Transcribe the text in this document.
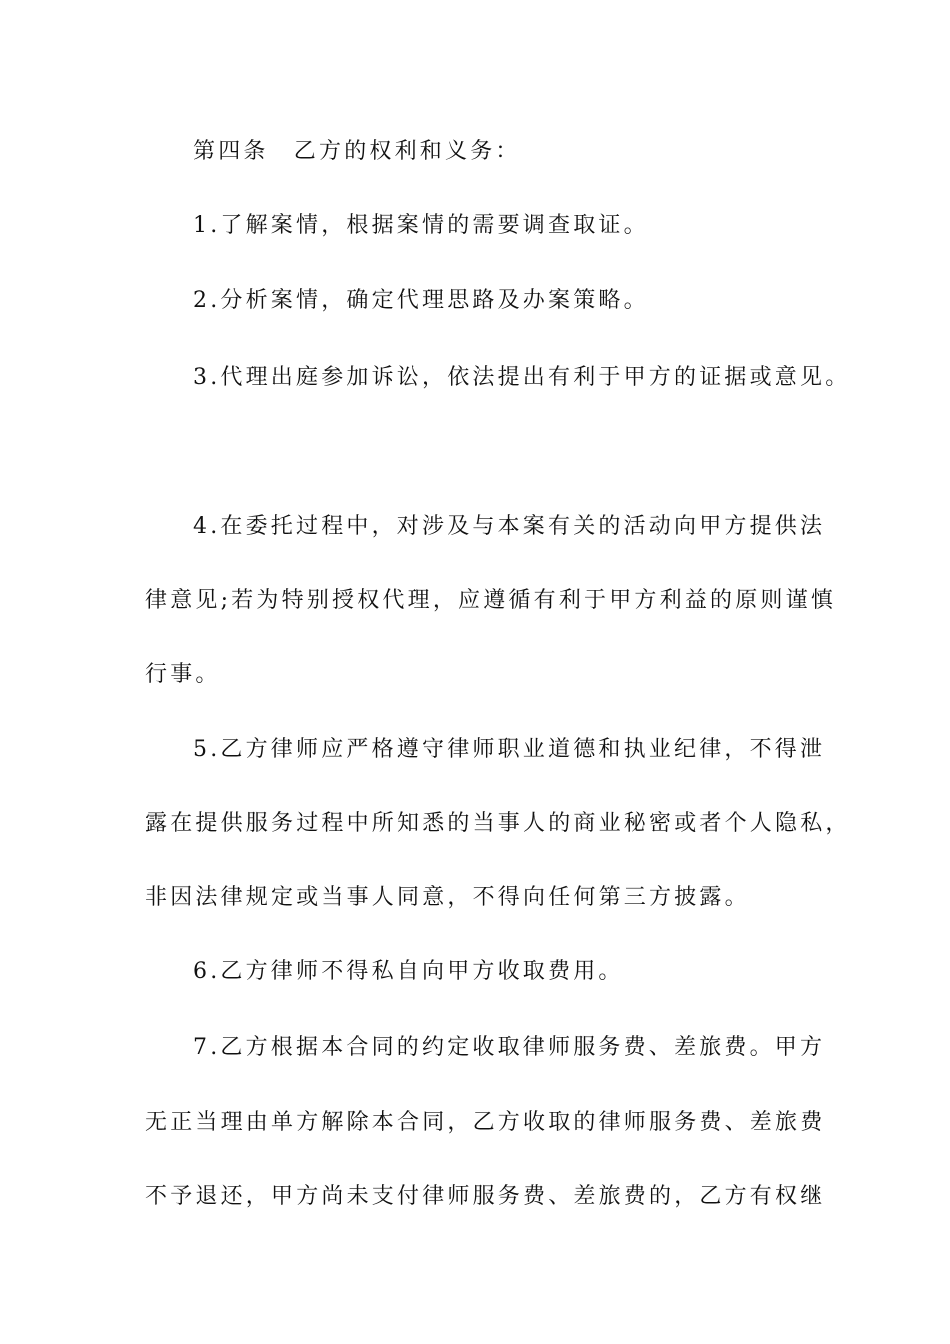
第四条　乙方的权利和义务：
1.了解案情，根据案情的需要调查取证。
2.分析案情，确定代理思路及办案策略。
3.代理出庭参加诉讼，依法提出有利于甲方的证据或意见。
4.在委托过程中，对涉及与本案有关的活动向甲方提供法
律意见;若为特别授权代理，应遵循有利于甲方利益的原则谨慎
行事。
5.乙方律师应严格遵守律师职业道德和执业纪律，不得泄
露在提供服务过程中所知悉的当事人的商业秘密或者个人隐私，
非因法律规定或当事人同意，不得向任何第三方披露。
6.乙方律师不得私自向甲方收取费用。
7.乙方根据本合同的约定收取律师服务费、差旅费。甲方
无正当理由单方解除本合同，乙方收取的律师服务费、差旅费
不予退还，甲方尚未支付律师服务费、差旅费的，乙方有权继
